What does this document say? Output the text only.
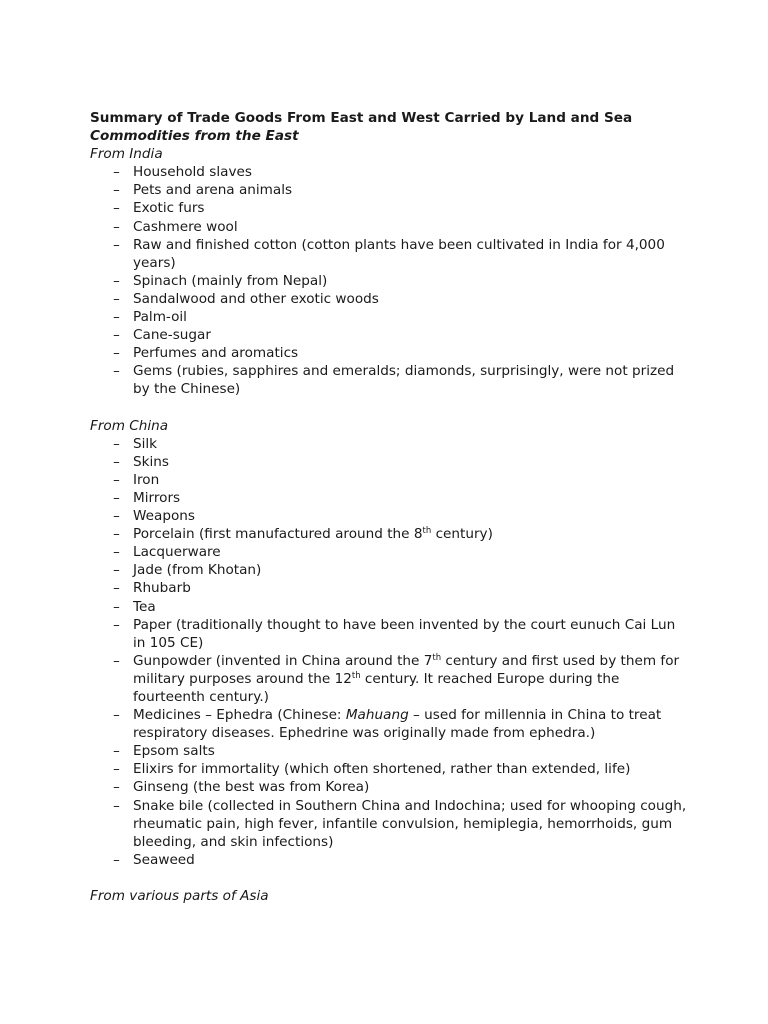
Summary of Trade Goods From East and West Carried by Land and Sea

Commodities from the East

From India

– Household slaves
– Pets and arena animals
– Exotic furs
– Cashmere wool
– Raw and finished cotton (cotton plants have been cultivated in India for 4,000 years)
– Spinach (mainly from Nepal)
– Sandalwood and other exotic woods
– Palm-oil
– Cane-sugar
– Perfumes and aromatics
– Gems (rubies, sapphires and emeralds; diamonds, surprisingly, were not prized by the Chinese)

From China

– Silk
– Skins
– Iron
– Mirrors
– Weapons
– Porcelain (first manufactured around the 8th century)
– Lacquerware
– Jade (from Khotan)
– Rhubarb
– Tea
– Paper (traditionally thought to have been invented by the court eunuch Cai Lun in 105 CE)
– Gunpowder (invented in China around the 7th century and first used by them for military purposes around the 12th century. It reached Europe during the fourteenth century.)
– Medicines – Ephedra (Chinese: Mahuang – used for millennia in China to treat respiratory diseases. Ephedrine was originally made from ephedra.)
– Epsom salts
– Elixirs for immortality (which often shortened, rather than extended, life)
– Ginseng (the best was from Korea)
– Snake bile (collected in Southern China and Indochina; used for whooping cough, rheumatic pain, high fever, infantile convulsion, hemiplegia, hemorrhoids, gum bleeding, and skin infections)
– Seaweed

From various parts of Asia
